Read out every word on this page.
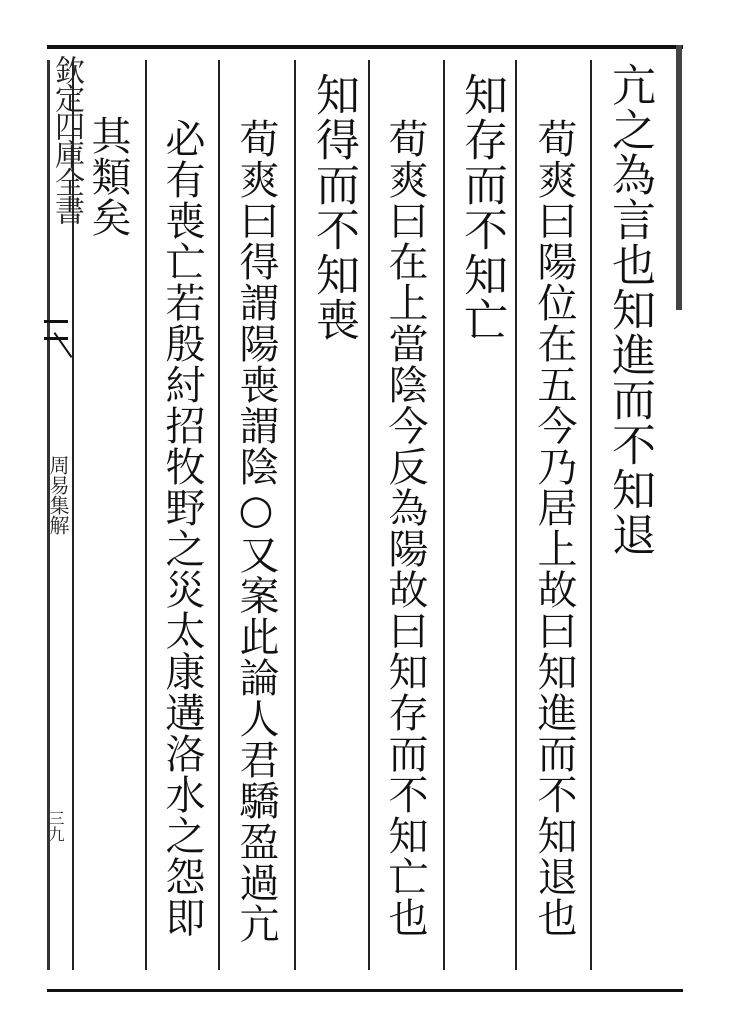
欽定四庫全書
周易集解
三九
亢之為言也知進而不知退
荀爽曰陽位在五今乃居上故曰知進而不知退也
知存而不知亡
荀爽曰在上當陰今反為陽故曰知存而不知亡也
知得而不知喪
荀爽曰得謂陽喪謂陰○又案此論人君驕盈過亢
必有喪亡若殷紂招牧野之災太康遘洛水之怨即
其類矣
